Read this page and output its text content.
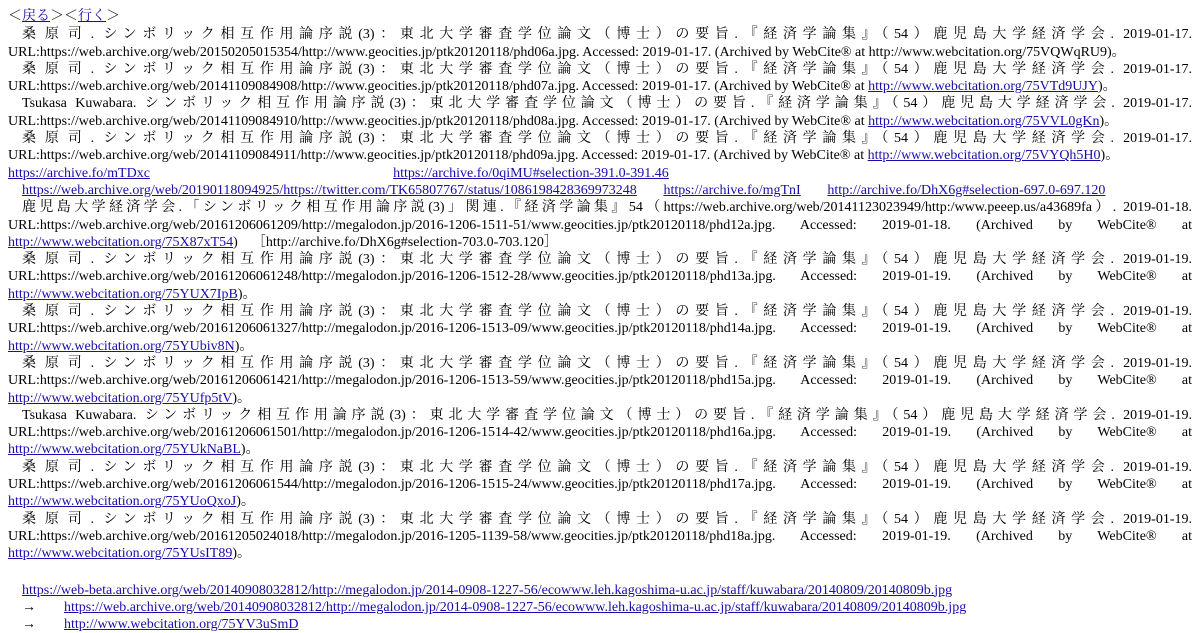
＜戻る＞＜行く＞

桑原司. シンボリック相互作用論序説(3)：東北大学審査学位論文（博士）の要旨.『経済学論集』（54）鹿児島大学経済学会. 2019-01-17. URL:https://web.archive.org/web/20150205015354/http://www.geocities.jp/ptk20120118/phd06a.jpg. Accessed: 2019-01-17. (Archived by WebCite® at http://www.webcitation.org/75VQWqRU9)。

桑原司. シンボリック相互作用論序説(3)：東北大学審査学位論文（博士）の要旨.『経済学論集』（54）鹿児島大学経済学会. 2019-01-17. URL:https://web.archive.org/web/20141109084908/http://www.geocities.jp/ptk20120118/phd07a.jpg. Accessed: 2019-01-17. (Archived by WebCite® at http://www.webcitation.org/75VTd9UJY)。

Tsukasa Kuwabara. シンボリック相互作用論序説(3)：東北大学審査学位論文（博士）の要旨.『経済学論集』（54）鹿児島大学経済学会. 2019-01-17. URL:https://web.archive.org/web/20141109084910/http://www.geocities.jp/ptk20120118/phd08a.jpg. Accessed: 2019-01-17. (Archived by WebCite® at http://www.webcitation.org/75VVL0gKn)。

桑原司. シンボリック相互作用論序説(3)：東北大学審査学位論文（博士）の要旨.『経済学論集』（54）鹿児島大学経済学会. 2019-01-17. URL:https://web.archive.org/web/20141109084911/http://www.geocities.jp/ptk20120118/phd09a.jpg. Accessed: 2019-01-17. (Archived by WebCite® at http://www.webcitation.org/75VYQh5H0)。

https://archive.fo/mTDxc	https://archive.fo/0qiMU#selection-391.0-391.46

https://web.archive.org/web/20190118094925/https://twitter.com/TK65807767/status/1086198428369973248 https://archive.fo/mgTnI http://archive.fo/DhX6g#selection-697.0-697.120

鹿児島大学経済学会.「シンボリック相互作用論序説(3)」関連.『経済学論集』54（https://web.archive.org/web/20141123023949/http:/www.peeep.us/a43689fa）. 2019-01-18. URL:https://web.archive.org/web/20161206061209/http://megalodon.jp/2016-1206-1511-51/www.geocities.jp/ptk20120118/phd12a.jpg. Accessed: 2019-01-18. (Archived by WebCite® at http://www.webcitation.org/75X87xT54) ［http://archive.fo/DhX6g#selection-703.0-703.120］

桑原司. シンボリック相互作用論序説(3)：東北大学審査学位論文（博士）の要旨.『経済学論集』（54）鹿児島大学経済学会. 2019-01-19. URL:https://web.archive.org/web/20161206061248/http://megalodon.jp/2016-1206-1512-28/www.geocities.jp/ptk20120118/phd13a.jpg. Accessed: 2019-01-19. (Archived by WebCite® at http://www.webcitation.org/75YUX7IpB)。

桑原司. シンボリック相互作用論序説(3)：東北大学審査学位論文（博士）の要旨.『経済学論集』（54）鹿児島大学経済学会. 2019-01-19. URL:https://web.archive.org/web/20161206061327/http://megalodon.jp/2016-1206-1513-09/www.geocities.jp/ptk20120118/phd14a.jpg. Accessed: 2019-01-19. (Archived by WebCite® at http://www.webcitation.org/75YUbiv8N)。

桑原司. シンボリック相互作用論序説(3)：東北大学審査学位論文（博士）の要旨.『経済学論集』（54）鹿児島大学経済学会. 2019-01-19. URL:https://web.archive.org/web/20161206061421/http://megalodon.jp/2016-1206-1513-59/www.geocities.jp/ptk20120118/phd15a.jpg. Accessed: 2019-01-19. (Archived by WebCite® at http://www.webcitation.org/75YUfp5tV)。

Tsukasa Kuwabara. シンボリック相互作用論序説(3)：東北大学審査学位論文（博士）の要旨.『経済学論集』（54）鹿児島大学経済学会. 2019-01-19. URL:https://web.archive.org/web/20161206061501/http://megalodon.jp/2016-1206-1514-42/www.geocities.jp/ptk20120118/phd16a.jpg. Accessed: 2019-01-19. (Archived by WebCite® at http://www.webcitation.org/75YUkNaBL)。

桑原司. シンボリック相互作用論序説(3)：東北大学審査学位論文（博士）の要旨.『経済学論集』（54）鹿児島大学経済学会. 2019-01-19. URL:https://web.archive.org/web/20161206061544/http://megalodon.jp/2016-1206-1515-24/www.geocities.jp/ptk20120118/phd17a.jpg. Accessed: 2019-01-19. (Archived by WebCite® at http://www.webcitation.org/75YUoQxoJ)。

桑原司. シンボリック相互作用論序説(3)：東北大学審査学位論文（博士）の要旨.『経済学論集』（54）鹿児島大学経済学会. 2019-01-19. URL:https://web.archive.org/web/20161205024018/http://megalodon.jp/2016-1205-1139-58/www.geocities.jp/ptk20120118/phd18a.jpg. Accessed: 2019-01-19. (Archived by WebCite® at http://www.webcitation.org/75YUsIT89)。

https://web-beta.archive.org/web/20140908032812/http://megalodon.jp/2014-0908-1227-56/ecowww.leh.kagoshima-u.ac.jp/staff/kuwabara/20140809/20140809b.jpg

→	https://web.archive.org/web/20140908032812/http://megalodon.jp/2014-0908-1227-56/ecowww.leh.kagoshima-u.ac.jp/staff/kuwabara/20140809/20140809b.jpg
→	http://www.webcitation.org/75YV3uSmD
